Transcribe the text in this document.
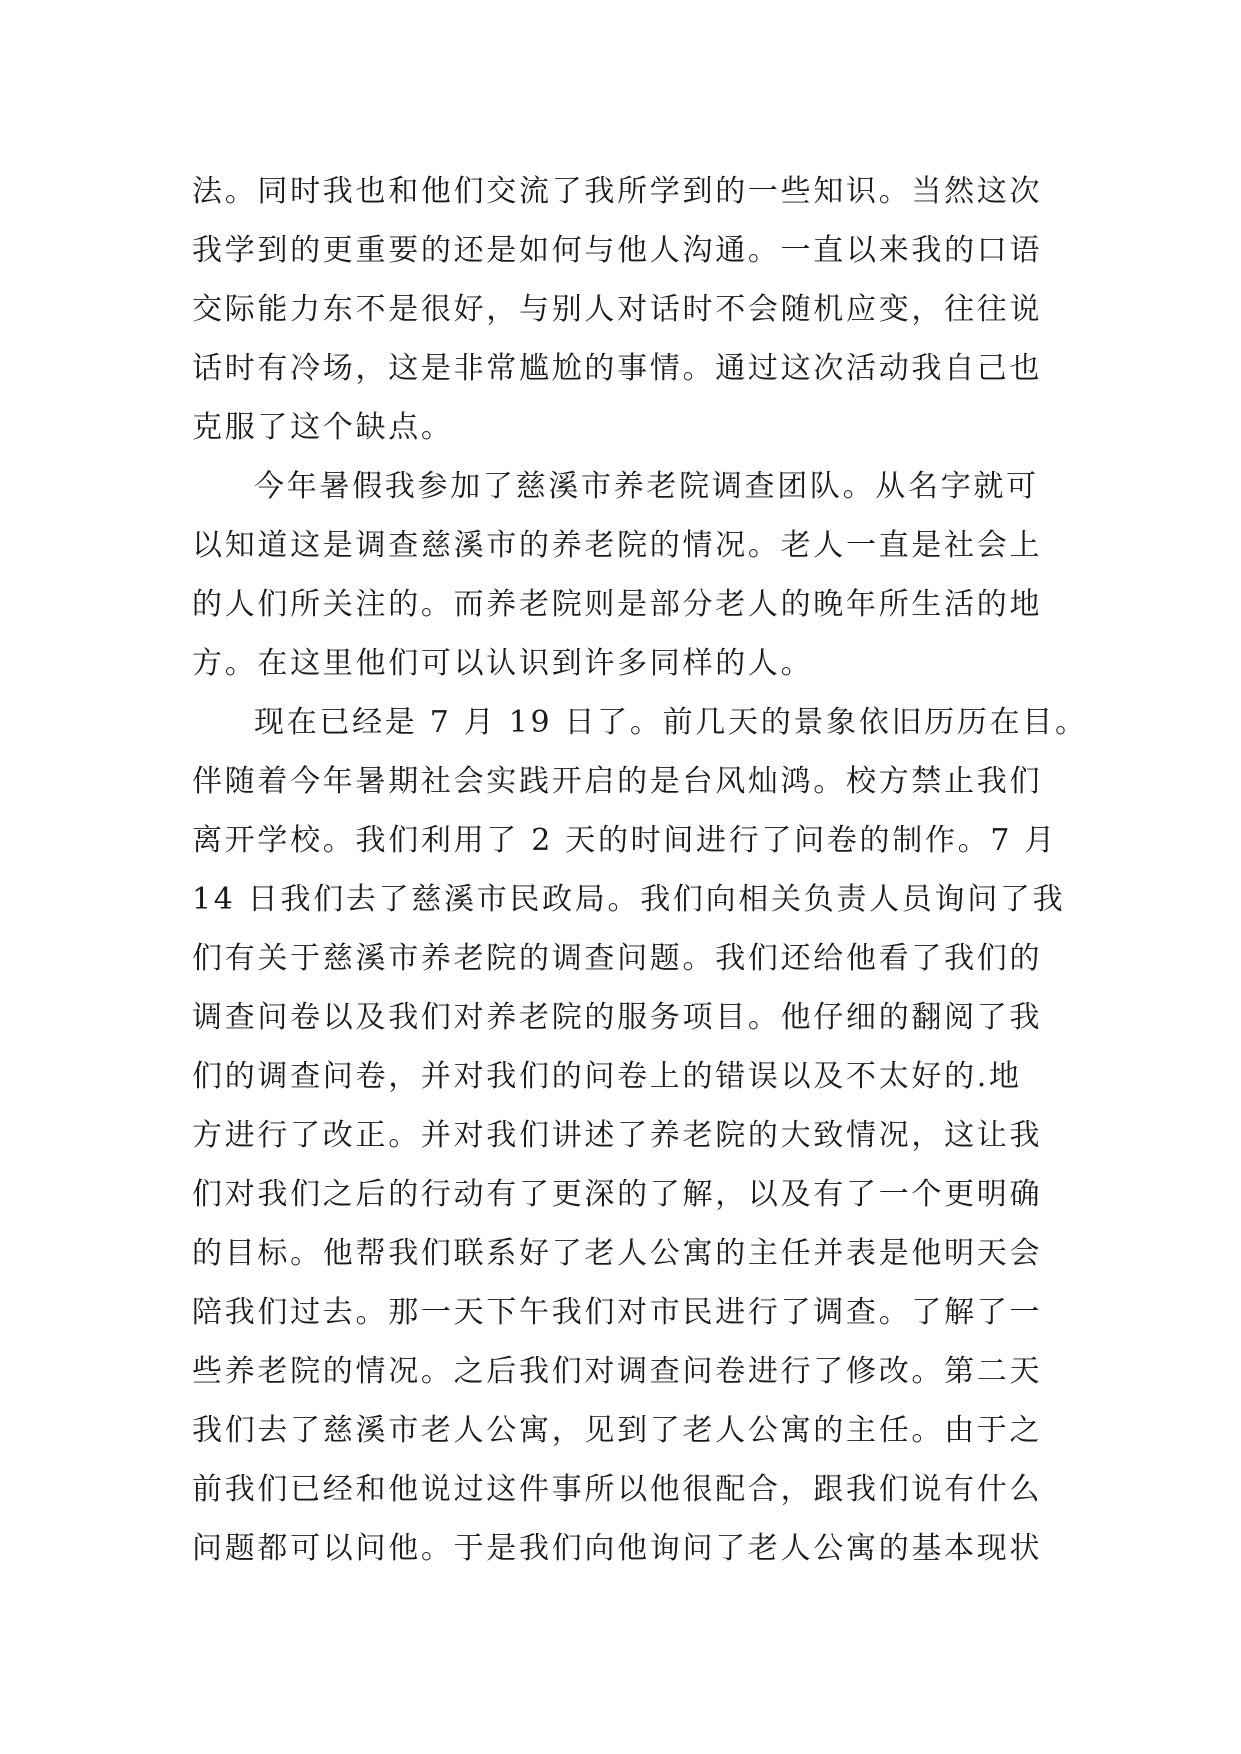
法。同时我也和他们交流了我所学到的一些知识。当然这次
我学到的更重要的还是如何与他人沟通。一直以来我的口语
交际能力东不是很好，与别人对话时不会随机应变，往往说
话时有冷场，这是非常尴尬的事情。通过这次活动我自己也
克服了这个缺点。
今年暑假我参加了慈溪市养老院调查团队。从名字就可
以知道这是调查慈溪市的养老院的情况。老人一直是社会上
的人们所关注的。而养老院则是部分老人的晚年所生活的地
方。在这里他们可以认识到许多同样的人。
现在已经是 7 月 19 日了。前几天的景象依旧历历在目。
伴随着今年暑期社会实践开启的是台风灿鸿。校方禁止我们
离开学校。我们利用了 2 天的时间进行了问卷的制作。7 月
14 日我们去了慈溪市民政局。我们向相关负责人员询问了我
们有关于慈溪市养老院的调查问题。我们还给他看了我们的
调查问卷以及我们对养老院的服务项目。他仔细的翻阅了我
们的调查问卷，并对我们的问卷上的错误以及不太好的.地
方进行了改正。并对我们讲述了养老院的大致情况，这让我
们对我们之后的行动有了更深的了解，以及有了一个更明确
的目标。他帮我们联系好了老人公寓的主任并表是他明天会
陪我们过去。那一天下午我们对市民进行了调查。了解了一
些养老院的情况。之后我们对调查问卷进行了修改。第二天
我们去了慈溪市老人公寓，见到了老人公寓的主任。由于之
前我们已经和他说过这件事所以他很配合，跟我们说有什么
问题都可以问他。于是我们向他询问了老人公寓的基本现状
